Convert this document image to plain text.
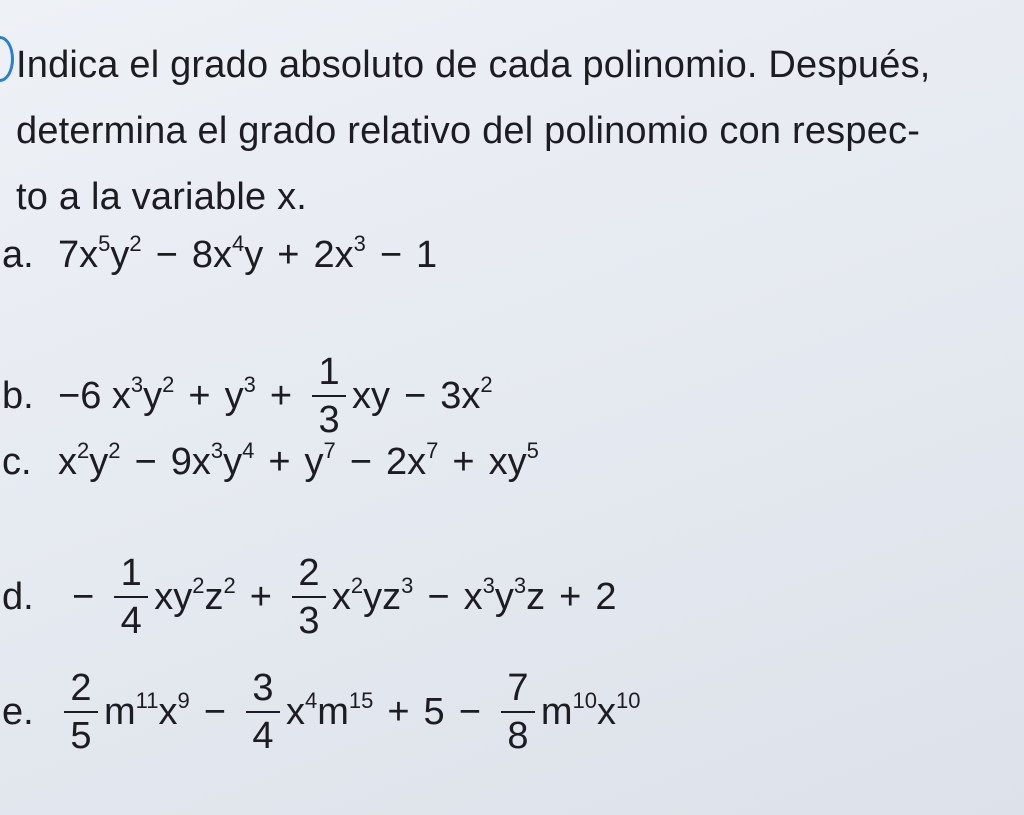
Indica el grado absoluto de cada polinomio. Después,
determina el grado relativo del polinomio con respec-
to a la variable x.
a. $7x^5y^2 - 8x^4y + 2x^3 - 1$
b. −6 $x^3y^2 + y^3 + \frac{1}{3}$ xy − $3x^2$
c. $x^2y^2 - 9x^3y^4 + y^7 - 2x^7 + xy^5$
d.	− $\frac{1}{4} xy^2z^2 + \frac{2}{3} x^2yz^3 - x^3y^3z + 2$
e. $\frac{2}{5} m^{11}x^9 - \frac{3}{4} x^4m^{15} + 5 - \frac{7}{8} m^{10}x^{10}$
